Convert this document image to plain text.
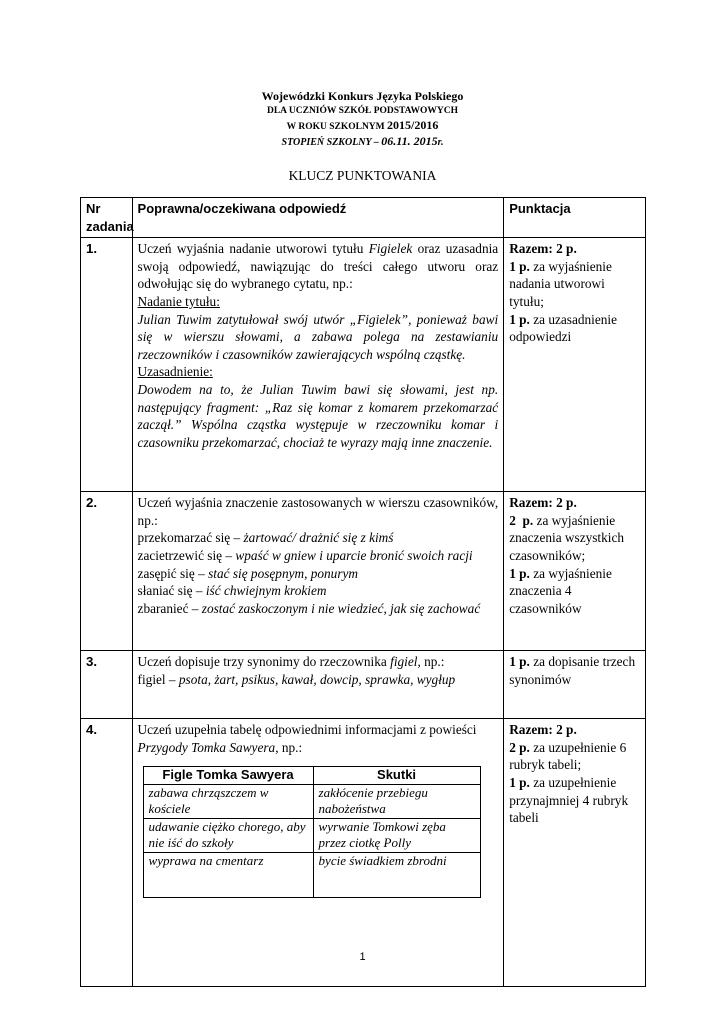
Wojewódzki Konkurs Języka Polskiego
DLA UCZNIÓW SZKÓŁ PODSTAWOWYCH
W ROKU SZKOLNYM 2015/2016
STOPIEŃ SZKOLNY – 06.11. 2015r.
KLUCZ PUNKTOWANIA
Nr zadania	Poprawna/oczekiwana odpowiedź	Punktacja
1.	Uczeń wyjaśnia nadanie utworowi tytułu Figielek oraz uzasadnia swoją odpowiedź, nawiązując do treści całego utworu oraz odwołując się do wybranego cytatu, np.:
Nadanie tytułu:
Julian Tuwim zatytułował swój utwór „Figielek”, ponieważ bawi się w wierszu słowami, a zabawa polega na zestawianiu rzeczowników i czasowników zawierających wspólną cząstkę.
Uzasadnienie:
Dowodem na to, że Julian Tuwim bawi się słowami, jest np. następujący fragment: „Raz się komar z komarem przekomarzać zaczął.” Wspólna cząstka występuje w rzeczowniku komar i czasowniku przekomarzać, chociaż te wyrazy mają inne znaczenie.

Razem: 2 p.
1 p. za wyjaśnienie nadania utworowi tytułu;
1 p. za uzasadnienie odpowiedzi

2.	Uczeń wyjaśnia znaczenie zastosowanych w wierszu czasowników, np.:
przekomarzać się – żartować/ drażnić się z kimś
zacietrzewić się – wpaść w gniew i uparcie bronić swoich racji
zasępić się – stać się posępnym, ponurym
słaniać się – iść chwiejnym krokiem
zbaranieć – zostać zaskoczonym i nie wiedzieć, jak się zachować

Razem: 2 p.
2  p. za wyjaśnienie znaczenia wszystkich czasowników;
1 p. za wyjaśnienie znaczenia 4 czasowników

3.	Uczeń dopisuje trzy synonimy do rzeczownika figiel, np.:
figiel – psota, żart, psikus, kawał, dowcip, sprawka, wygłup

1 p. za dopisanie trzech synonimów

4.	Uczeń uzupełnia tabelę odpowiednimi informacjami z powieści Przygody Tomka Sawyera, np.:
Figle Tomka Sawyera	Skutki
zabawa chrząszczem w kościele	zakłócenie przebiegu nabożeństwa
udawanie ciężko chorego, aby nie iść do szkoły	wyrwanie Tomkowi zęba przez ciotkę Polly
wyprawa na cmentarz	bycie świadkiem zbrodni

Razem: 2 p.
2 p. za uzupełnienie 6 rubryk tabeli;
1 p. za uzupełnienie przynajmniej 4 rubryk tabeli
1
